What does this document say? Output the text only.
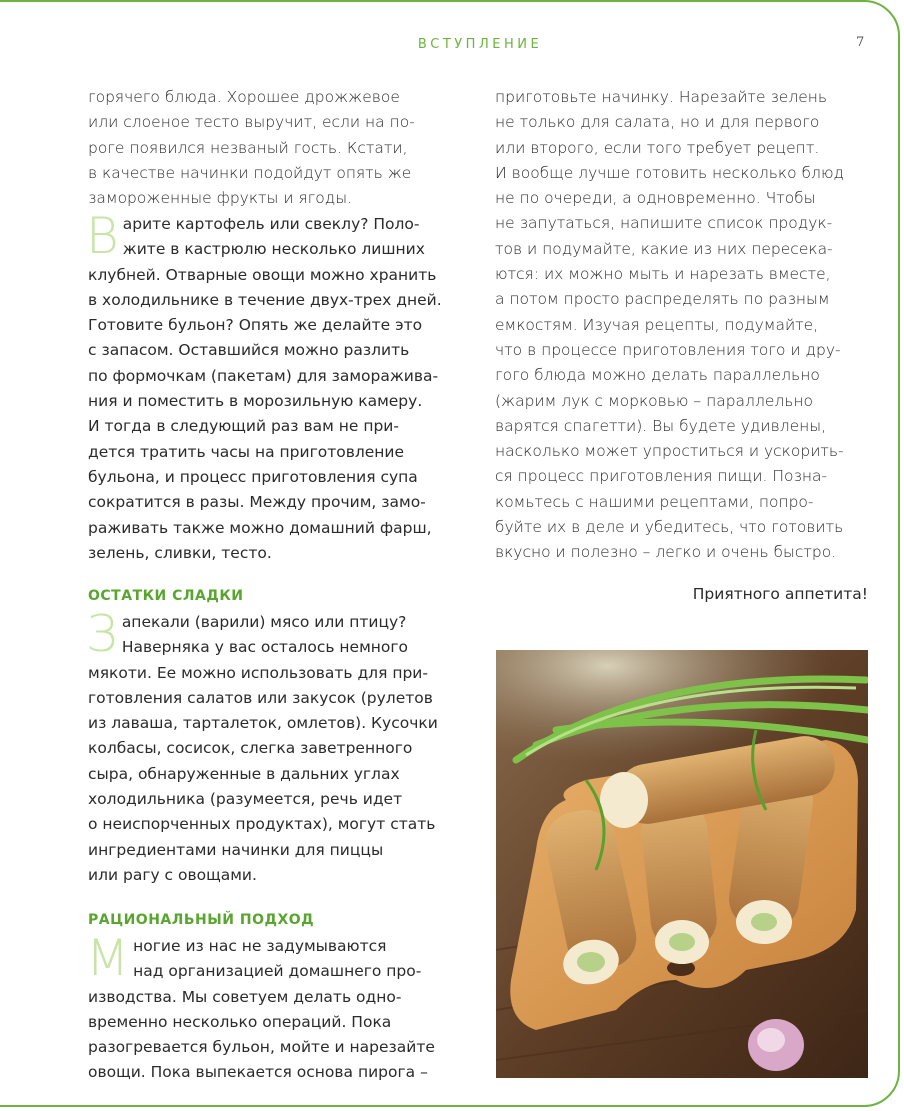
ВСТУПЛЕНИЕ	7
горячего блюда. Хорошее дрожжевое
или слоеное тесто выручит, если на по-
роге появился незваный гость. Кстати,
в качестве начинки подойдут опять же
замороженные фрукты и ягоды.
В арите картофель или свеклу? Поло-
жите в кастрюлю несколько лишних
клубней. Отварные овощи можно хранить
в холодильнике в течение двух-трех дней.
Готовите бульон? Опять же делайте это
с запасом. Оставшийся можно разлить
по формочкам (пакетам) для заморажива-
ния и поместить в морозильную камеру.
И тогда в следующий раз вам не при-
дется тратить часы на приготовление
бульона, и процесс приготовления супа
сократится в разы. Между прочим, замо-
раживать также можно домашний фарш,
зелень, сливки, тесто.
ОСТАТКИ СЛАДКИ
З апекали (варили) мясо или птицу?
Наверняка у вас осталось немного
мякоти. Ее можно использовать для при-
готовления салатов или закусок (рулетов
из лаваша, тарталеток, омлетов). Кусочки
колбасы, сосисок, слегка заветренного
сыра, обнаруженные в дальних углах
холодильника (разумеется, речь идет
о неиспорченных продуктах), могут стать
ингредиентами начинки для пиццы
или рагу с овощами.
РАЦИОНАЛЬНЫЙ ПОДХОД
М ногие из нас не задумываются
над организацией домашнего про-
изводства. Мы советуем делать одно-
временно несколько операций. Пока
разогревается бульон, мойте и нарезайте
овощи. Пока выпекается основа пирога –
приготовьте начинку. Нарезайте зелень
не только для салата, но и для первого
или второго, если того требует рецепт.
И вообще лучше готовить несколько блюд
не по очереди, а одновременно. Чтобы
не запутаться, напишите список продук-
тов и подумайте, какие из них пересека-
ются: их можно мыть и нарезать вместе,
а потом просто распределять по разным
емкостям. Изучая рецепты, подумайте,
что в процессе приготовления того и дру-
гого блюда можно делать параллельно
(жарим лук с морковью – параллельно
варятся спагетти). Вы будете удивлены,
насколько может упроститься и ускорить-
ся процесс приготовления пищи. Позна-
комьтесь с нашими рецептами, попро-
буйте их в деле и убедитесь, что готовить
вкусно и полезно – легко и очень быстро.
Приятного аппетита!
